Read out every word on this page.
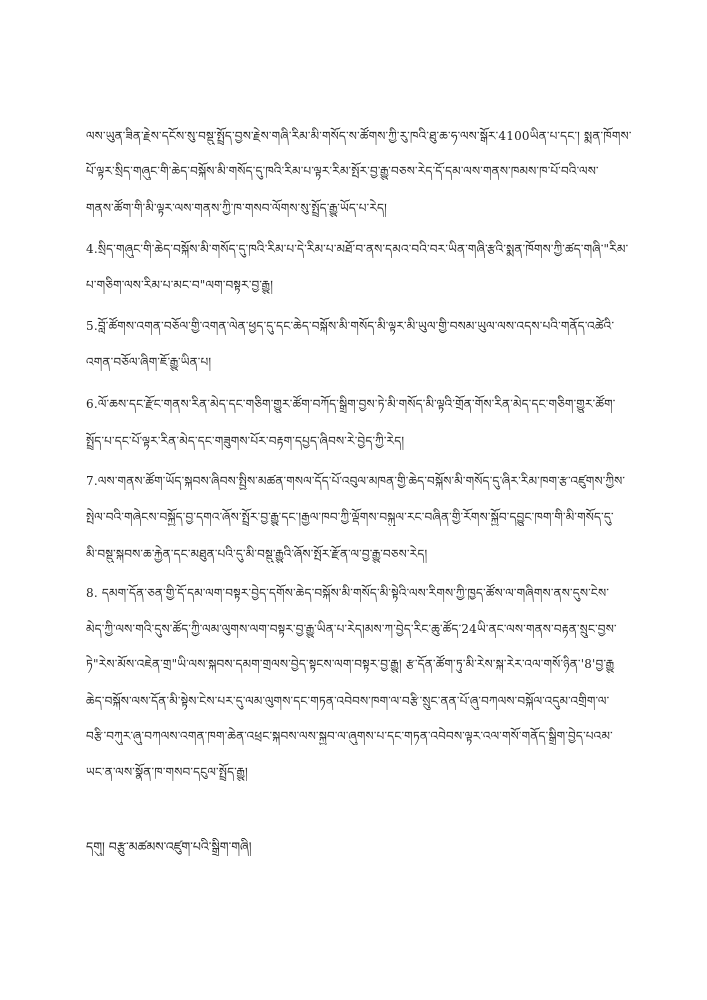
ལས་ཡུན་ཟིན་རྗེས་དངོས་སུ་བསྡུ་སྤྲོད་བྱས་རྗེས་གཞི་རིམ་མི་གསོད་ས་ཚོགས་ཀྱི་རུ་ཁའི་ཐུ་ཆ་ཧ་ལས་སྒོར་4100ཡིན་པ་དང་། སྨན་ཁོགས་
པོ་ལྟར་སྲིད་གཞུང་གི་ཆེད་བསྐོས་མི་གསོད་དུ་ཁའི་རིམ་པ་ལྟར་རིམ་སྤོར་བྱ་རྒྱུ་བཅས་རེད་དོ་དམ་ལས་གནས་ཁམས་ཁ་པོ་བའི་ལས་
གནས་ཚོག་གི་མི་ལྟར་ལས་གནས་ཀྱི་ཁ་གསབ་ལོགས་སུ་སྤྲོད་རྒྱུ་ཡོད་པ་རེད།
4.སྲིད་གཞུང་གི་ཆེད་བསྐོས་མི་གསོད་དུ་ཁའི་རིམ་པ་དེ་རིམ་པ་མཐོ་བ་ནས་དམའ་བའི་བར་ཡིན་གཞི་རྩའི་སྨན་ཁོགས་ཀྱི་ཚད་གཞི་"རིམ་
པ་གཅིག་ལས་རིམ་པ་མང་བ"ལག་བསྟར་བྱ་རྒྱུ།
5.བློ་ཚོགས་འགན་བཅོལ་གྱི་འགན་ལེན་ཕྱད་དུ་དང་ཆེད་བསྐོས་མི་གསོད་མི་ལྟར་མི་ཡུལ་གྱི་བསམ་ཡུལ་ལས་འདས་པའི་གནོད་འཚེའི་
འགན་བཅོལ་ཞིག་ཇོ་རྒྱུ་ཡིན་པ།
6.ལོ་ཆས་དང་རྫོང་གནས་རིན་མེད་དང་གཅིག་གྱུར་ཚོག་བཀོད་སྒྲིག་བྱས་ཏེ་མི་གསོད་མི་ལྟའི་གྲོན་གོས་རིན་མེད་དང་གཅིག་གྱུར་ཚོག་
སྤྲོད་པ་དང་པོ་ལྟར་རིན་མེད་དང་གཟུགས་པོར་བརྟག་དཔྱད་ཞིབས་རེ་བྱེད་ཀྱི་རེད།
7.ལས་གནས་ཚོག་ཡོད་སྐབས་ཞིབས་སྤྱིས་མཚན་གསལ་དོད་པོ་འབུལ་མཁན་གྱི་ཆེད་བསྐོས་མི་གསོད་དུ་ཞིར་རིམ་ཁག་རྩ་འཛུགས་ཀྱིས་
སྤེལ་བའི་གཞེངས་བསྐྱོད་བྱ་དགའ་ཞོས་སྤྲོར་བྱ་རྒྱུ་དང་།རྒྱལ་ཁབ་ཀྱི་ལྡོགས་བསྐུལ་རང་བཞིན་གྱི་རོགས་སྐྱོབ་དབྱུང་ཁག་གི་མི་གསོད་དུ་
མི་བསྡུ་སྐབས་ཆ་རྐྱེན་དང་མཐུན་པའི་དུ་མི་བསྡུ་རྒྱུའི་ཞོས་སྤོར་རྫོན་ལ་བྱ་རྒྱུ་བཅས་རེད།
8. དམག་དོན་ཅན་གྱི་དོ་དམ་ལག་བསྟར་བྱེད་དགོས་ཆེད་བསྐོས་མི་གསོད་མི་སྟེའི་ལས་རིགས་ཀྱི་ཁྱད་ཚོས་ལ་གཞིགས་ནས་དུས་ངེས་
མེད་ཀྱི་ལས་གའི་དུས་ཚོད་ཀྱི་ལམ་ལུགས་ལག་བསྟར་བྱ་རྒྱུ་ཡིན་པ་རེད།མས་ཀ་བྱེད་རིང་ཆུ་ཚོད་24ཡི་ནང་ལས་གནས་བརྟན་སྲུང་བྱས་
ཏེ"རེས་མོས་འཇེན་གྲ"ཡི་ལས་སྐབས་དམག་གྲལས་བྱེད་སྟངས་ལག་བསྟར་བྱ་རྒྱུ། རྩ་དོན་ཚོག་ཏུ་མི་རེས་སྐ་རེར་འལ་གསོ་ཉིན་'8'བྱ་རྒྱུ
ཆེད་བསྐོས་ལས་དོན་མི་སྟེས་ངེས་པར་དུ་ལམ་ལུགས་དང་གཏན་འབེབས་ཁག་ལ་བརྩི་སྲུང་ནན་པོ་ཞུ་བཀལས་བསྐོལ་འདུམ་འགྲིག་ལ་
བརྩི་བཀུར་ཞུ་བཀལས་འགན་ཁག་ཆེན་འཕྲང་སྐབས་ལས་སྐྱབ་ལ་ཞུགས་པ་དང་གཏན་འབེབས་ལྟར་འལ་གསོ་གནོད་སྒྲིག་བྱེད་པའམ་
ཡང་ན་ལས་སྣོན་ཁ་གསབ་དངུལ་སྤྲོད་རྒྱུ།
དགུ། བརྩུ་མཚམས་འཛུག་པའི་སྒྲིག་གཞི།
